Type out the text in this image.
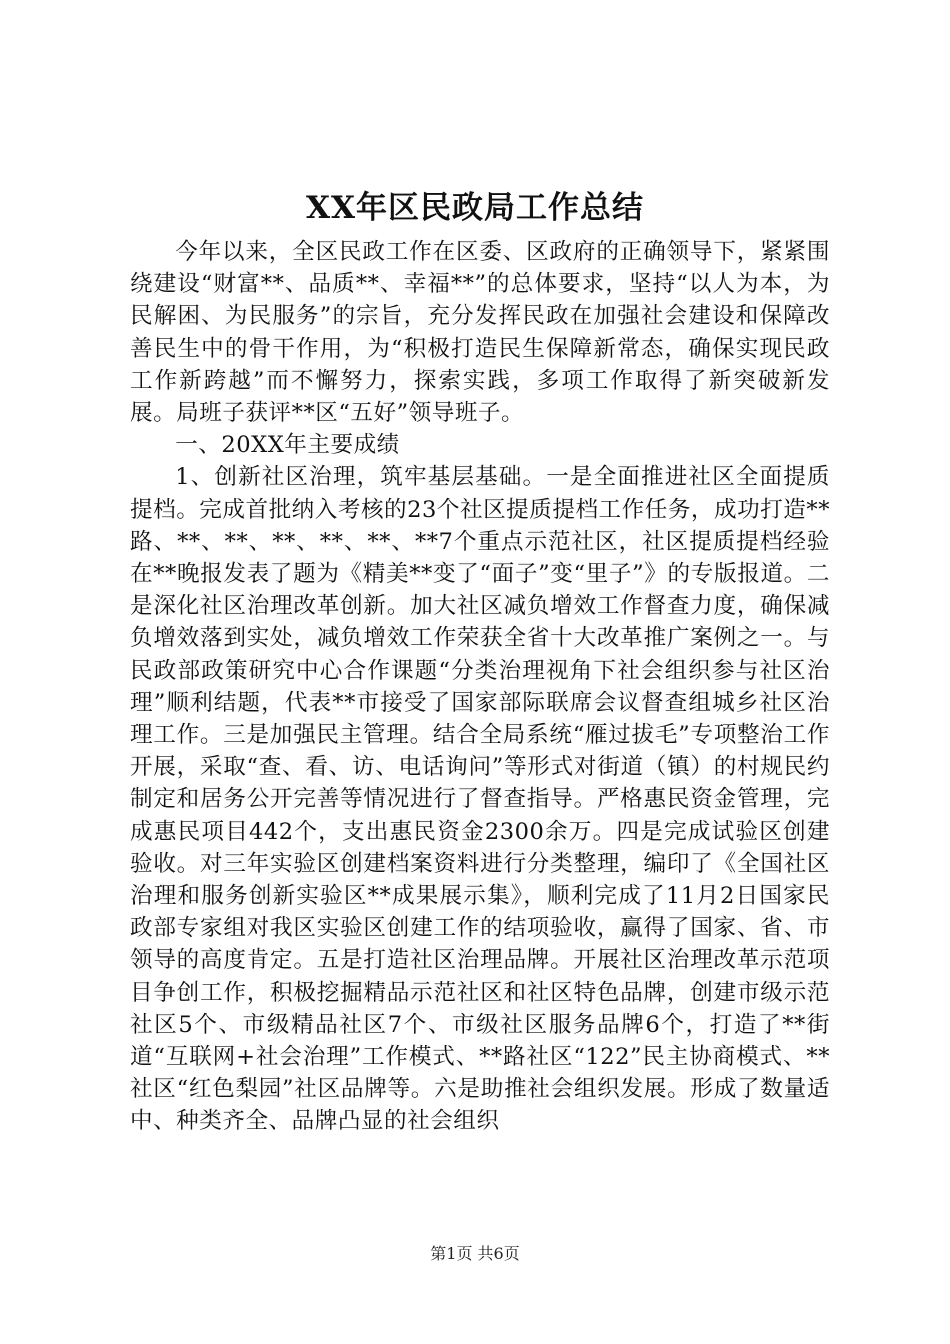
XX年区民政局工作总结

今年以来，全区民政工作在区委、区政府的正确领导下，紧紧围绕建设“财富**、品质**、幸福**”的总体要求，坚持“以人为本，为民解困、为民服务”的宗旨，充分发挥民政在加强社会建设和保障改善民生中的骨干作用，为“积极打造民生保障新常态，确保实现民政工作新跨越”而不懈努力，探索实践，多项工作取得了新突破新发展。局班子获评**区“五好”领导班子。

一、20XX年主要成绩

1、创新社区治理，筑牢基层基础。一是全面推进社区全面提质提档。完成首批纳入考核的23个社区提质提档工作任务，成功打造**路、**、**、**、**、**、**7个重点示范社区，社区提质提档经验在**晚报发表了题为《精美**变了“面子”变“里子”》的专版报道。二是深化社区治理改革创新。加大社区减负增效工作督查力度，确保减负增效落到实处，减负增效工作荣获全省十大改革推广案例之一。与民政部政策研究中心合作课题“分类治理视角下社会组织参与社区治理”顺利结题，代表**市接受了国家部际联席会议督查组城乡社区治理工作。三是加强民主管理。结合全局系统“雁过拔毛”专项整治工作开展，采取“查、看、访、电话询问”等形式对街道（镇）的村规民约制定和居务公开完善等情况进行了督查指导。严格惠民资金管理，完成惠民项目442个，支出惠民资金2300余万。四是完成试验区创建验收。对三年实验区创建档案资料进行分类整理，编印了《全国社区治理和服务创新实验区**成果展示集》，顺利完成了11月2日国家民政部专家组对我区实验区创建工作的结项验收，赢得了国家、省、市领导的高度肯定。五是打造社区治理品牌。开展社区治理改革示范项目争创工作，积极挖掘精品示范社区和社区特色品牌，创建市级示范社区5个、市级精品社区7个、市级社区服务品牌6个，打造了**街道“互联网+社会治理”工作模式、**路社区“122”民主协商模式、**社区“红色梨园”社区品牌等。六是助推社会组织发展。形成了数量适中、种类齐全、品牌凸显的社会组织

第1页 共6页
